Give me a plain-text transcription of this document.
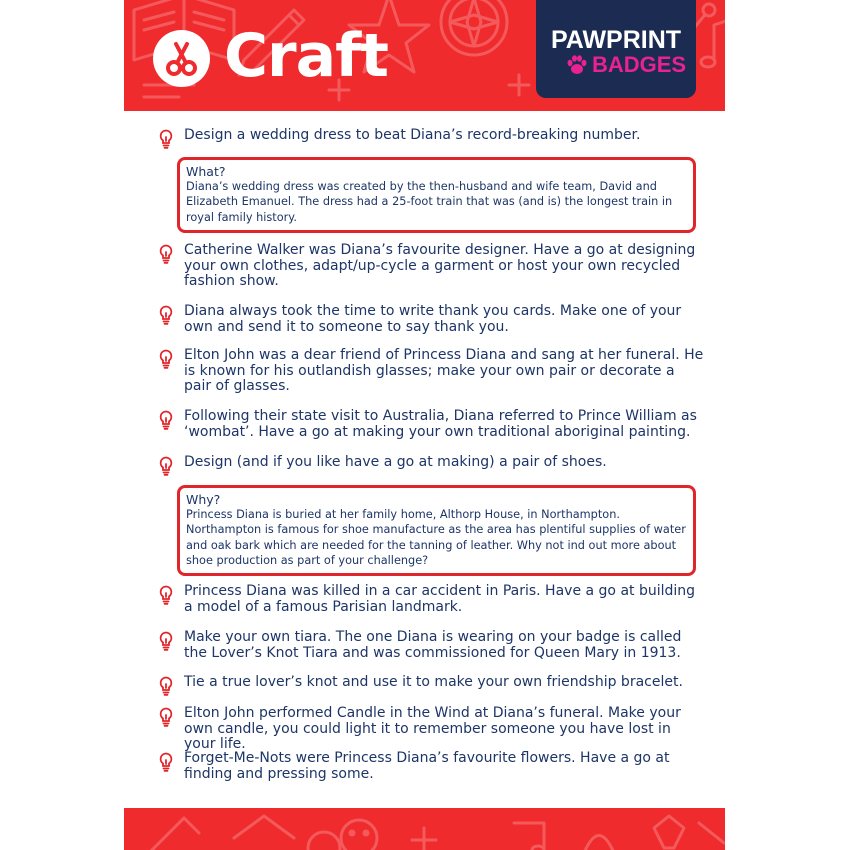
Craft	PAWPRINT
BADGES
Design a wedding dress to beat Diana’s record-breaking number.
What?
Diana’s wedding dress was created by the then-husband and wife team, David and Elizabeth Emanuel. The dress had a 25-foot train that was (and is) the longest train in royal family history.
Catherine Walker was Diana’s favourite designer. Have a go at designing your own clothes, adapt/up-cycle a garment or host your own recycled fashion show.
Diana always took the time to write thank you cards. Make one of your own and send it to someone to say thank you.
Elton John was a dear friend of Princess Diana and sang at her funeral. He is known for his outlandish glasses; make your own pair or decorate a pair of glasses.
Following their state visit to Australia, Diana referred to Prince William as ‘wombat’. Have a go at making your own traditional aboriginal painting.
Design (and if you like have a go at making) a pair of shoes.
Why?
Princess Diana is buried at her family home, Althorp House, in Northampton. Northampton is famous for shoe manufacture as the area has plentiful supplies of water and oak bark which are needed for the tanning of leather. Why not ind out more about shoe production as part of your challenge?
Princess Diana was killed in a car accident in Paris. Have a go at building a model of a famous Parisian landmark.
Make your own tiara. The one Diana is wearing on your badge is called the Lover’s Knot Tiara and was commissioned for Queen Mary in 1913.
Tie a true lover’s knot and use it to make your own friendship bracelet.
Elton John performed Candle in the Wind at Diana’s funeral. Make your own candle, you could light it to remember someone you have lost in your life.
Forget-Me-Nots were Princess Diana’s favourite flowers. Have a go at finding and pressing some.
